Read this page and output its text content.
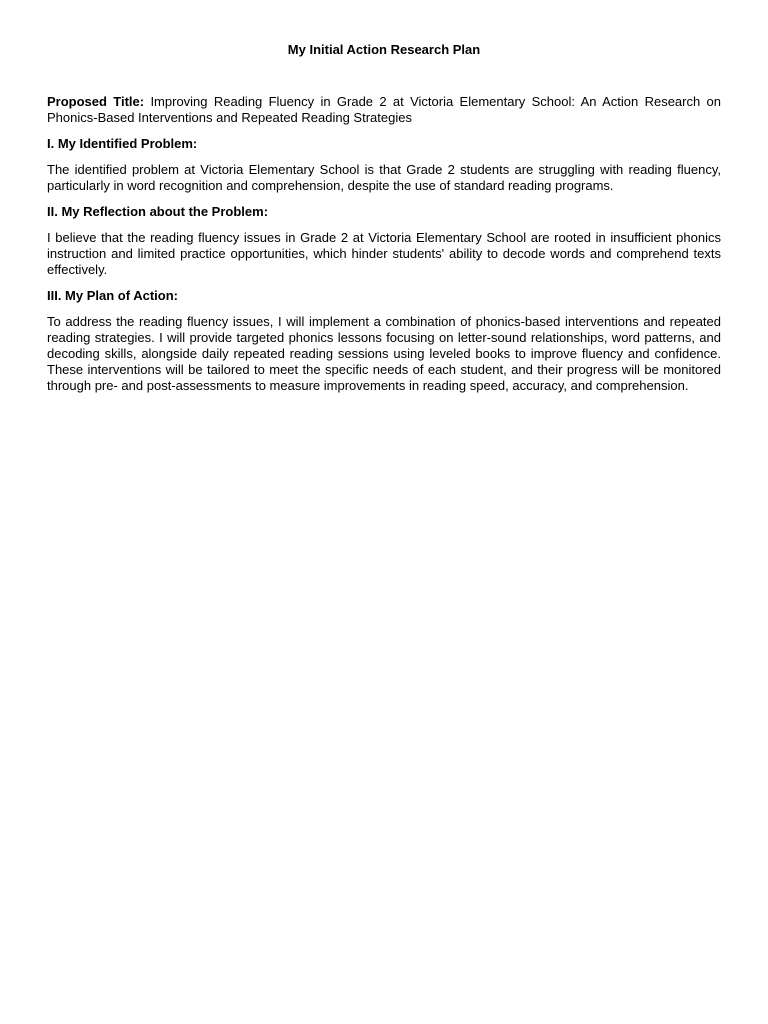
My Initial Action Research Plan

Proposed Title: Improving Reading Fluency in Grade 2 at Victoria Elementary School: An Action Research on Phonics-Based Interventions and Repeated Reading Strategies

I. My Identified Problem:

The identified problem at Victoria Elementary School is that Grade 2 students are struggling with reading fluency, particularly in word recognition and comprehension, despite the use of standard reading programs.

II. My Reflection about the Problem:

I believe that the reading fluency issues in Grade 2 at Victoria Elementary School are rooted in insufficient phonics instruction and limited practice opportunities, which hinder students' ability to decode words and comprehend texts effectively.

III. My Plan of Action:

To address the reading fluency issues, I will implement a combination of phonics-based interventions and repeated reading strategies. I will provide targeted phonics lessons focusing on letter-sound relationships, word patterns, and decoding skills, alongside daily repeated reading sessions using leveled books to improve fluency and confidence. These interventions will be tailored to meet the specific needs of each student, and their progress will be monitored through pre- and post-assessments to measure improvements in reading speed, accuracy, and comprehension.
